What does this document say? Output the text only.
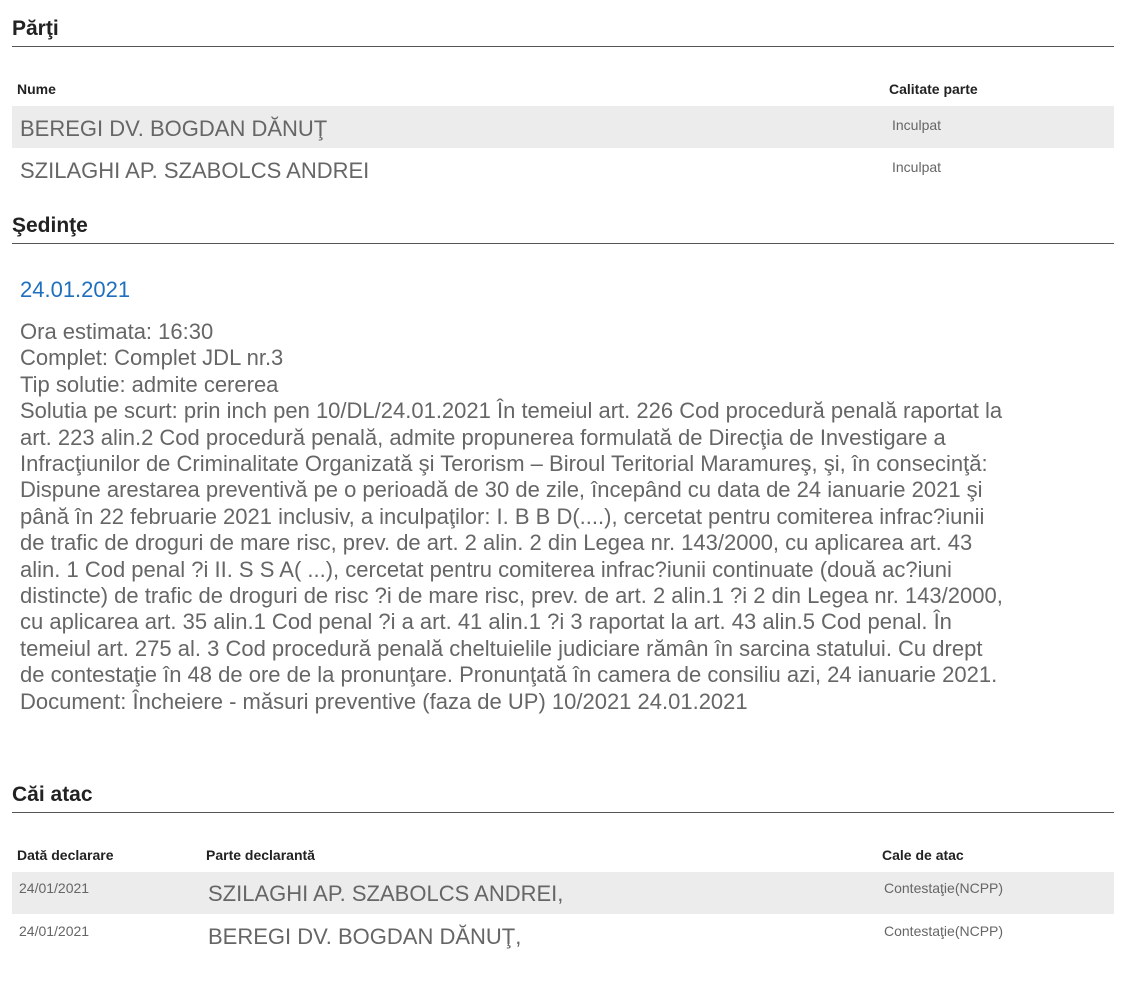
Părţi
Nume	Calitate parte
BEREGI DV. BOGDAN DĂNUŢ	Inculpat
SZILAGHI AP. SZABOLCS ANDREI	Inculpat
Şedinţe
24.01.2021
Ora estimata: 16:30
Complet: Complet JDL nr.3
Tip solutie: admite cererea
Solutia pe scurt: prin inch pen 10/DL/24.01.2021 În temeiul art. 226 Cod procedură penală raportat la
art. 223 alin.2 Cod procedură penală, admite propunerea formulată de Direcţia de Investigare a
Infracţiunilor de Criminalitate Organizată şi Terorism – Biroul Teritorial Maramureş, şi, în consecinţă:
Dispune arestarea preventivă pe o perioadă de 30 de zile, începând cu data de 24 ianuarie 2021 şi
până în 22 februarie 2021 inclusiv, a inculpaţilor: I. B B D(....), cercetat pentru comiterea infrac?iunii
de trafic de droguri de mare risc, prev. de art. 2 alin. 2 din Legea nr. 143/2000, cu aplicarea art. 43
alin. 1 Cod penal ?i II. S S A( ...), cercetat pentru comiterea infrac?iunii continuate (două ac?iuni
distincte) de trafic de droguri de risc ?i de mare risc, prev. de art. 2 alin.1 ?i 2 din Legea nr. 143/2000,
cu aplicarea art. 35 alin.1 Cod penal ?i a art. 41 alin.1 ?i 3 raportat la art. 43 alin.5 Cod penal. În
temeiul art. 275 al. 3 Cod procedură penală cheltuielile judiciare rămân în sarcina statului. Cu drept
de contestaţie în 48 de ore de la pronunţare. Pronunţată în camera de consiliu azi, 24 ianuarie 2021.
Document: Încheiere - măsuri preventive (faza de UP) 10/2021 24.01.2021
Căi atac
Dată declarare	Parte declarantă	Cale de atac
24/01/2021	SZILAGHI AP. SZABOLCS ANDREI,	Contestaţie(NCPP)
24/01/2021	BEREGI DV. BOGDAN DĂNUŢ,	Contestaţie(NCPP)
